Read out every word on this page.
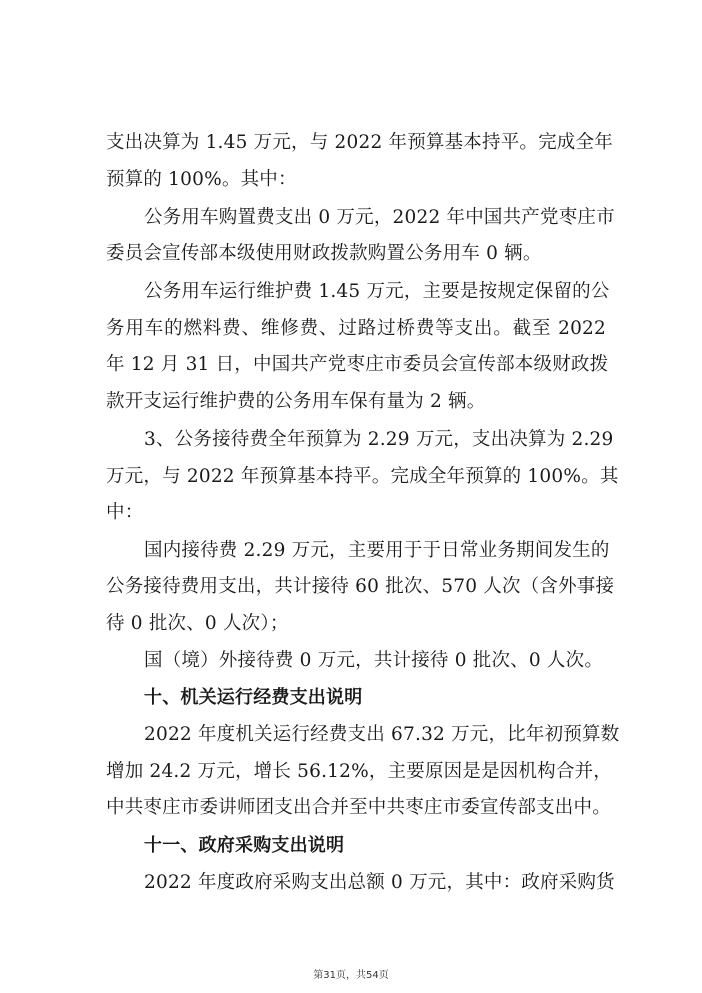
支出决算为 1.45 万元，与 2022 年预算基本持平。完成全年
预算的 100%。其中：
公务用车购置费支出 0 万元，2022 年中国共产党枣庄市
委员会宣传部本级使用财政拨款购置公务用车 0 辆。
公务用车运行维护费 1.45 万元，主要是按规定保留的公
务用车的燃料费、维修费、过路过桥费等支出。截至 2022
年 12 月 31 日，中国共产党枣庄市委员会宣传部本级财政拨
款开支运行维护费的公务用车保有量为 2 辆。
3、公务接待费全年预算为 2.29 万元，支出决算为 2.29
万元，与 2022 年预算基本持平。完成全年预算的 100%。其
中：
国内接待费 2.29 万元，主要用于于日常业务期间发生的
公务接待费用支出，共计接待 60 批次、570 人次（含外事接
待 0 批次、0 人次）；
国（境）外接待费 0 万元，共计接待 0 批次、0 人次。
十、机关运行经费支出说明
2022 年度机关运行经费支出 67.32 万元，比年初预算数
增加 24.2 万元，增长 56.12%，主要原因是是因机构合并，
中共枣庄市委讲师团支出合并至中共枣庄市委宣传部支出中。
十一、政府采购支出说明
2022 年度政府采购支出总额 0 万元，其中：政府采购货
第31页，共54页
